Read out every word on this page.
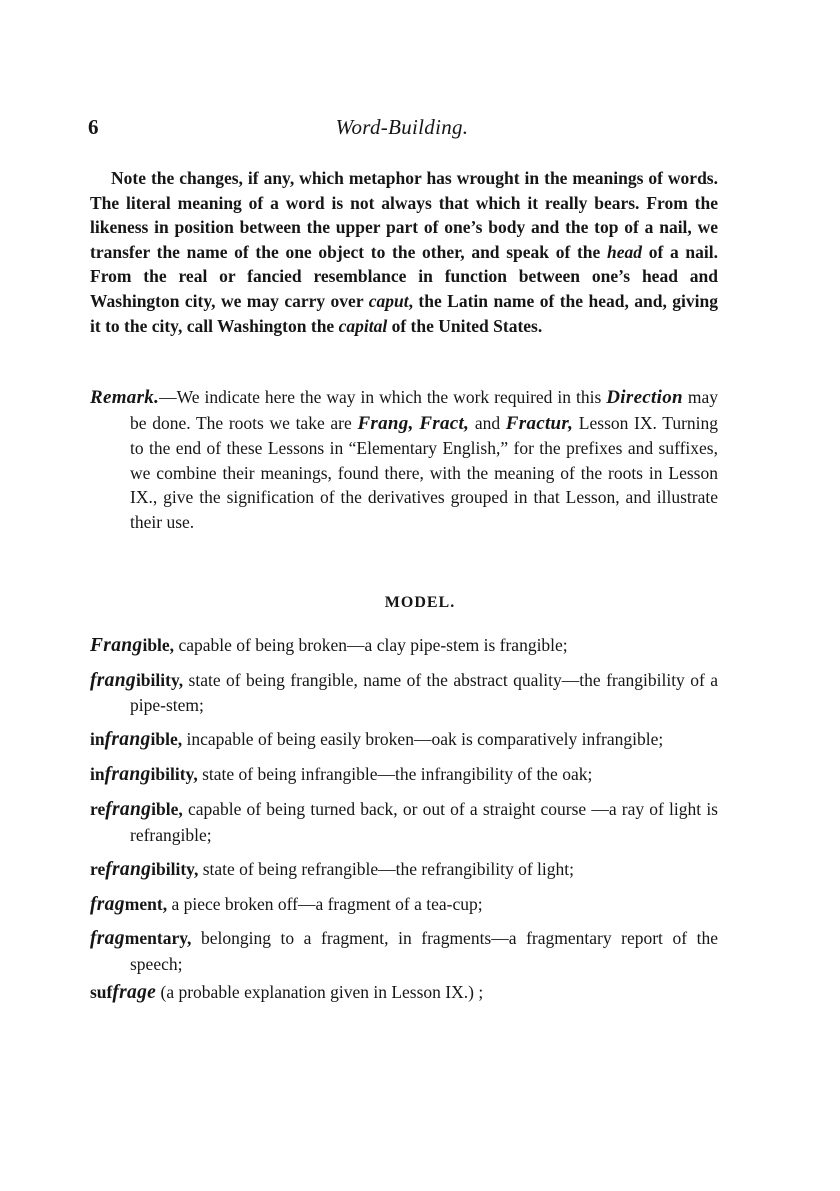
6	Word-Building.

Note the changes, if any, which metaphor has wrought in the meanings of words. The literal meaning of a word is not always that which it really bears. From the likeness in position between the upper part of one’s body and the top of a nail, we transfer the name of the one object to the other, and speak of the head of a nail. From the real or fancied resemblance in function between one’s head and Washington city, we may carry over caput, the Latin name of the head, and, giving it to the city, call Washington the capital of the United States.

Remark.—We indicate here the way in which the work required in this Direction may be done. The roots we take are Frang, Fract, and Fractur, Lesson IX. Turning to the end of these Lessons in “Elementary English,” for the prefixes and suffixes, we combine their meanings, found there, with the meaning of the roots in Lesson IX., give the signification of the derivatives grouped in that Lesson, and illustrate their use.

MODEL.

Frangible, capable of being broken—a clay pipe-stem is frangible;

frangibility, state of being frangible, name of the abstract quality—the frangibility of a pipe-stem;

infrangible, incapable of being easily broken—oak is comparatively infrangible;

infrangibility, state of being infrangible—the infrangibility of the oak;

refrangible, capable of being turned back, or out of a straight course —a ray of light is refrangible;

refrangibility, state of being refrangible—the refrangibility of light;

fragment, a piece broken off—a fragment of a tea-cup;

fragmentary, belonging to a fragment, in fragments—a fragmentary report of the speech;

suffrage (a probable explanation given in Lesson IX.) ;
